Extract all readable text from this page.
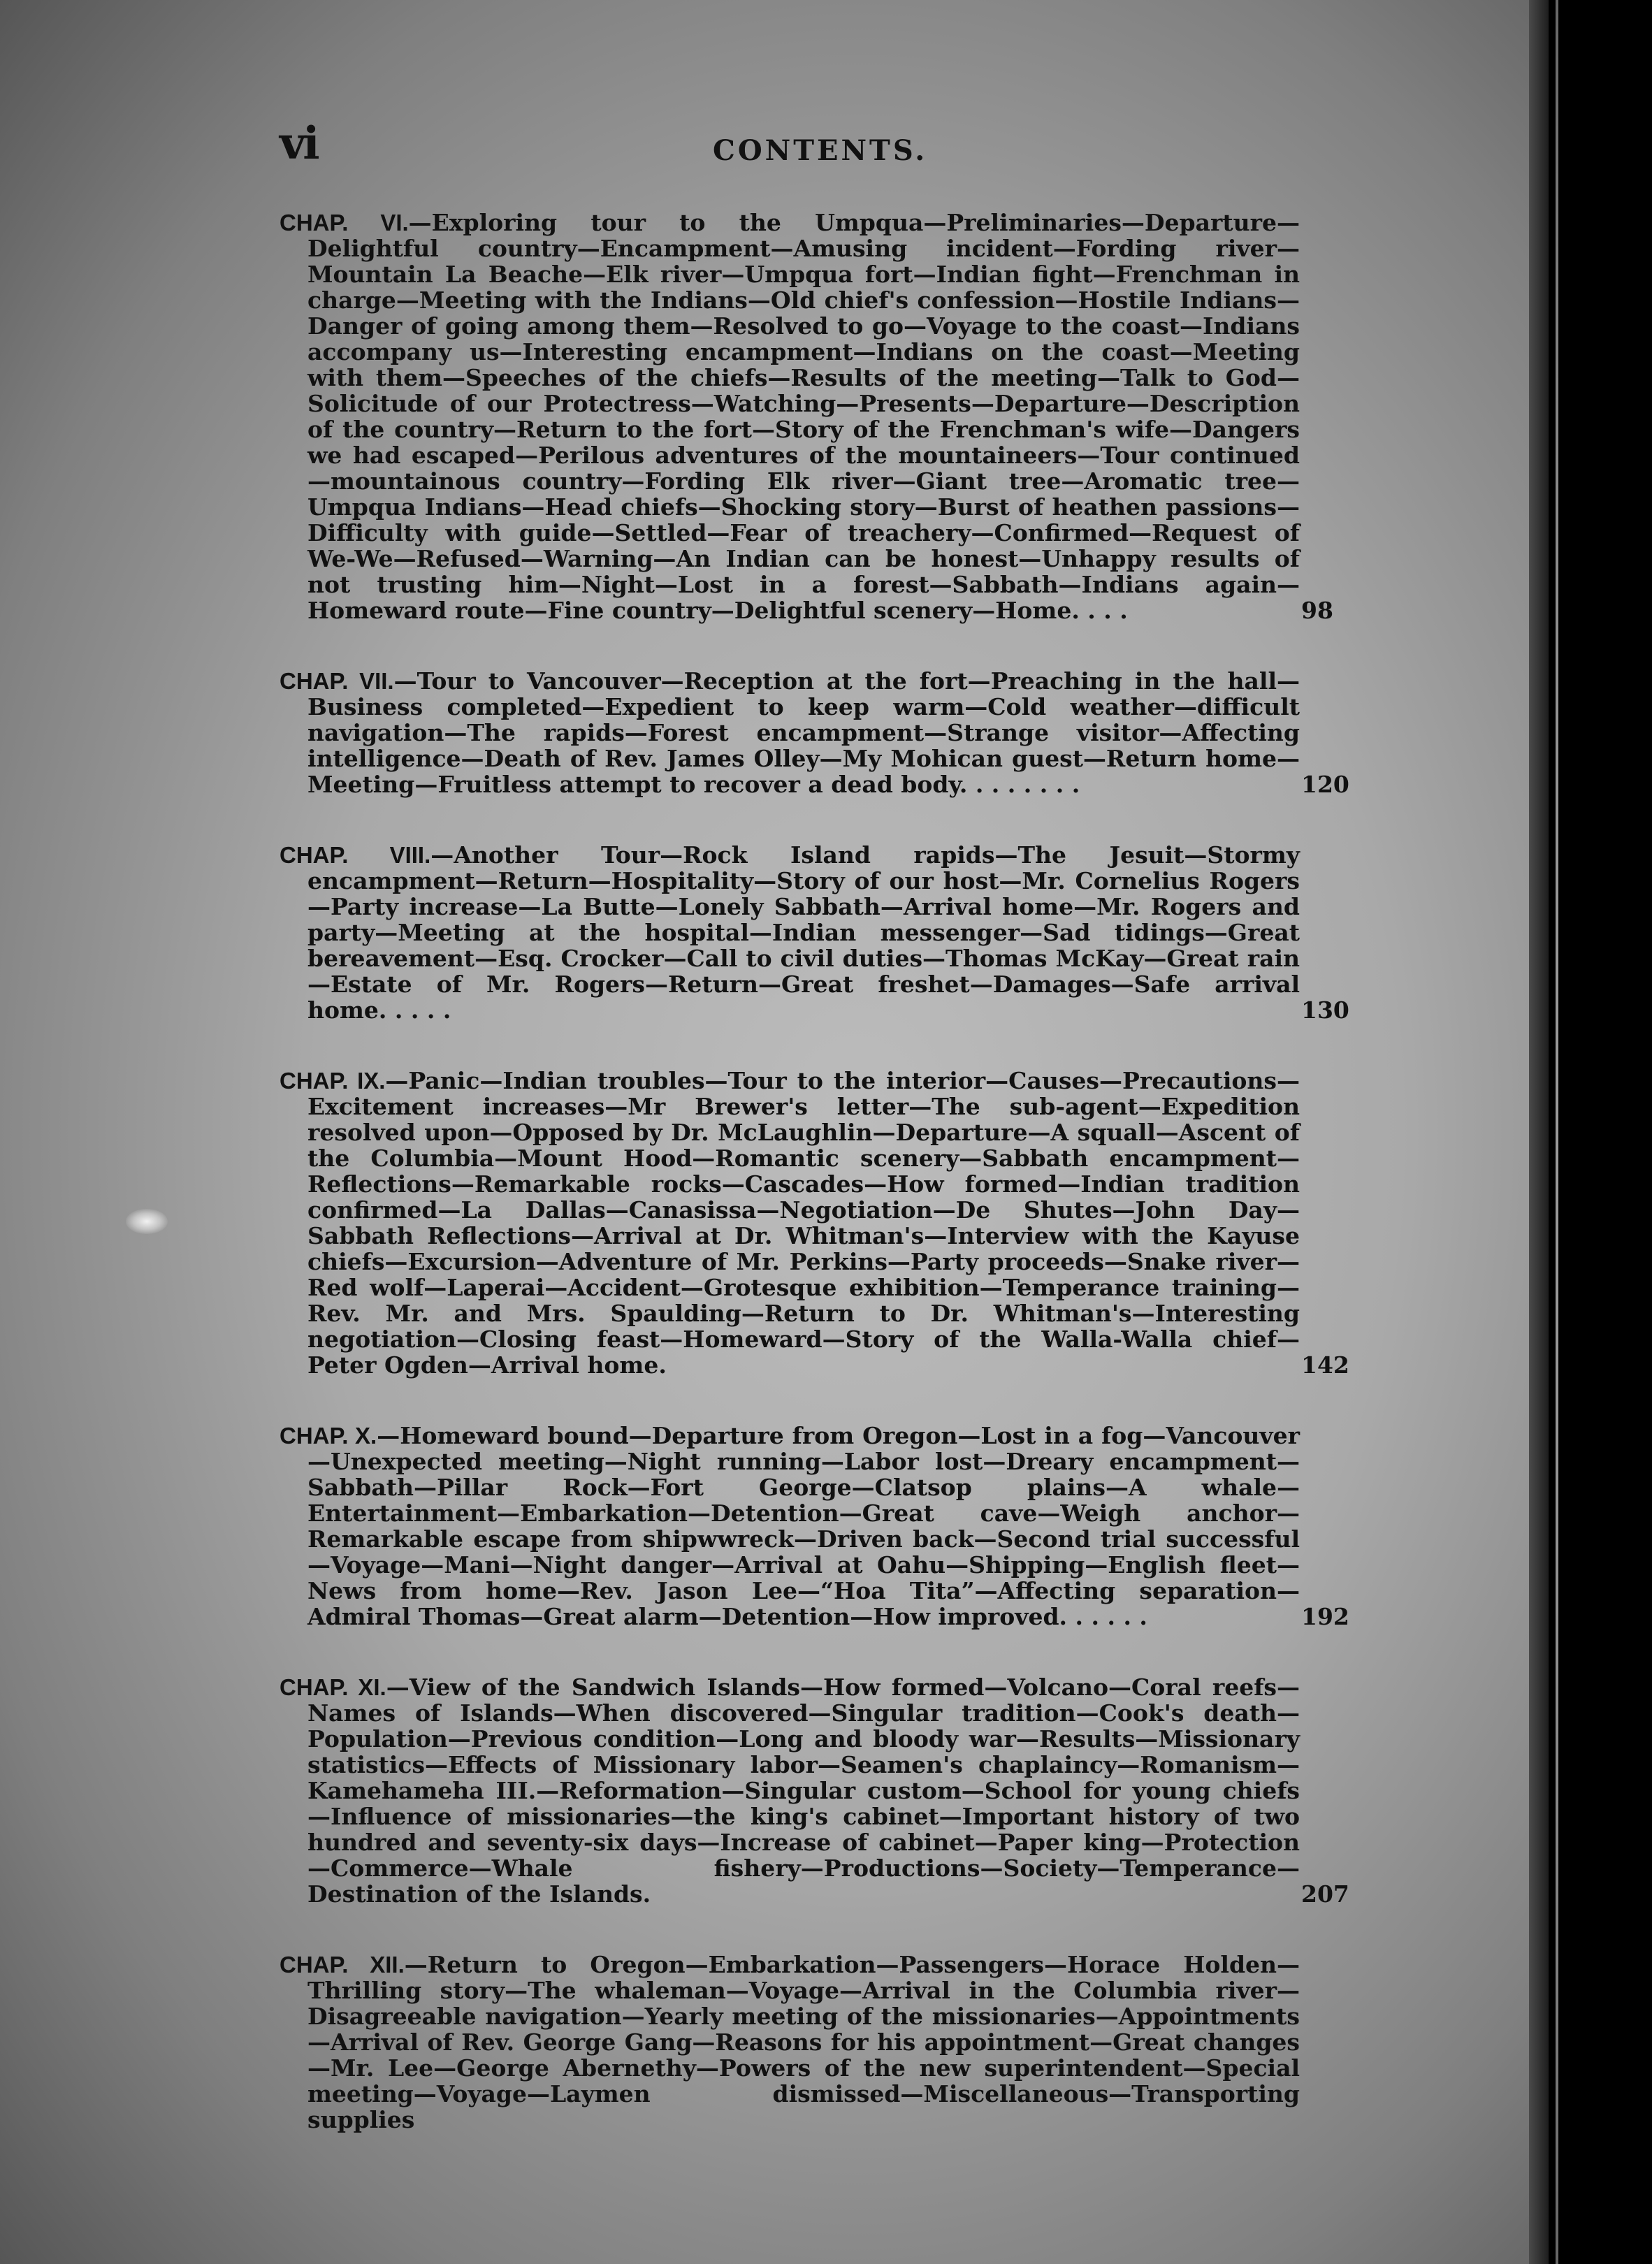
vi	CONTENTS.
CHAP. VI.—Exploring tour to the Umpqua—Preliminaries—Departure—Delightful country—Encampment—Amusing incident—Fording river—Mountain La Beache—Elk river—Umpqua fort—Indian fight—Frenchman in charge—Meeting with the Indians—Old chief's confession—Hostile Indians—Danger of going among them—Resolved to go—Voyage to the coast—Indians accompany us—Interesting encampment—Indians on the coast—Meeting with them—Speeches of the chiefs—Results of the meeting—Talk to God—Solicitude of our Protectress—Watching—Presents—Departure—Description of the country—Return to the fort—Story of the Frenchman's wife—Dangers we had escaped—Perilous adventures of the mountaineers—Tour continued—mountainous country—Fording Elk river—Giant tree—Aromatic tree—Umpqua Indians—Head chiefs—Shocking story—Burst of heathen passions—Difficulty with guide—Settled—Fear of treachery—Confirmed—Request of We-We—Refused—Warning—An Indian can be honest—Unhappy results of not trusting him—Night—Lost in a forest—Sabbath—Indians again—Homeward route—Fine country—Delightful scenery—Home. . . .	98
CHAP. VII.—Tour to Vancouver—Reception at the fort—Preaching in the hall—Business completed—Expedient to keep warm—Cold weather—difficult navigation—The rapids—Forest encampment—Strange visitor—Affecting intelligence—Death of Rev. James Olley—My Mohican guest—Return home—Meeting—Fruitless attempt to recover a dead body. . . . . . . .	120
CHAP. VIII.—Another Tour—Rock Island rapids—The Jesuit—Stormy encampment—Return—Hospitality—Story of our host—Mr. Cornelius Rogers—Party increase—La Butte—Lonely Sabbath—Arrival home—Mr. Rogers and party—Meeting at the hospital—Indian messenger—Sad tidings—Great bereavement—Esq. Crocker—Call to civil duties—Thomas McKay—Great rain—Estate of Mr. Rogers—Return—Great freshet—Damages—Safe arrival home. . . . .	130
CHAP. IX.—Panic—Indian troubles—Tour to the interior—Causes—Precautions—Excitement increases—Mr Brewer's letter—The sub-agent—Expedition resolved upon—Opposed by Dr. McLaughlin—Departure—A squall—Ascent of the Columbia—Mount Hood—Romantic scenery—Sabbath encampment—Reflections—Remarkable rocks—Cascades—How formed—Indian tradition confirmed—La Dallas—Canasissa—Negotiation—De Shutes—John Day—Sabbath Reflections—Arrival at Dr. Whitman's—Interview with the Kayuse chiefs—Excursion—Adventure of Mr. Perkins—Party proceeds—Snake river—Red wolf—Laperai—Accident—Grotesque exhibition—Temperance training—Rev. Mr. and Mrs. Spaulding—Return to Dr. Whitman's—Interesting negotiation—Closing feast—Homeward—Story of the Walla-Walla chief—Peter Ogden—Arrival home.	142
CHAP. X.—Homeward bound—Departure from Oregon—Lost in a fog—Vancouver—Unexpected meeting—Night running—Labor lost—Dreary encampment—Sabbath—Pillar Rock—Fort George—Clatsop plains—A whale—Entertainment—Embarkation—Detention—Great cave—Weigh anchor—Remarkable escape from shipwwreck—Driven back—Second trial successful—Voyage—Mani—Night danger—Arrival at Oahu—Shipping—English fleet—News from home—Rev. Jason Lee—“Hoa Tita”—Affecting separation—Admiral Thomas—Great alarm—Detention—How improved. . . . . .	192
CHAP. XI.—View of the Sandwich Islands—How formed—Volcano—Coral reefs—Names of Islands—When discovered—Singular tradition—Cook's death—Population—Previous condition—Long and bloody war—Results—Missionary statistics—Effects of Missionary labor—Seamen's chaplaincy—Romanism—Kamehameha III.—Reformation—Singular custom—School for young chiefs—Influence of missionaries—the king's cabinet—Important history of two hundred and seventy-six days—Increase of cabinet—Paper king—Protection—Commerce—Whale fishery—Productions—Society—Temperance—Destination of the Islands.	207
CHAP. XII.—Return to Oregon—Embarkation—Passengers—Horace Holden—Thrilling story—The whaleman—Voyage—Arrival in the Columbia river—Disagreeable navigation—Yearly meeting of the missionaries—Appointments—Arrival of Rev. George Gang—Reasons for his appointment—Great changes—Mr. Lee—George Abernethy—Powers of the new superintendent—Special meeting—Voyage—Laymen dismissed—Miscellaneous—Transporting supplies
